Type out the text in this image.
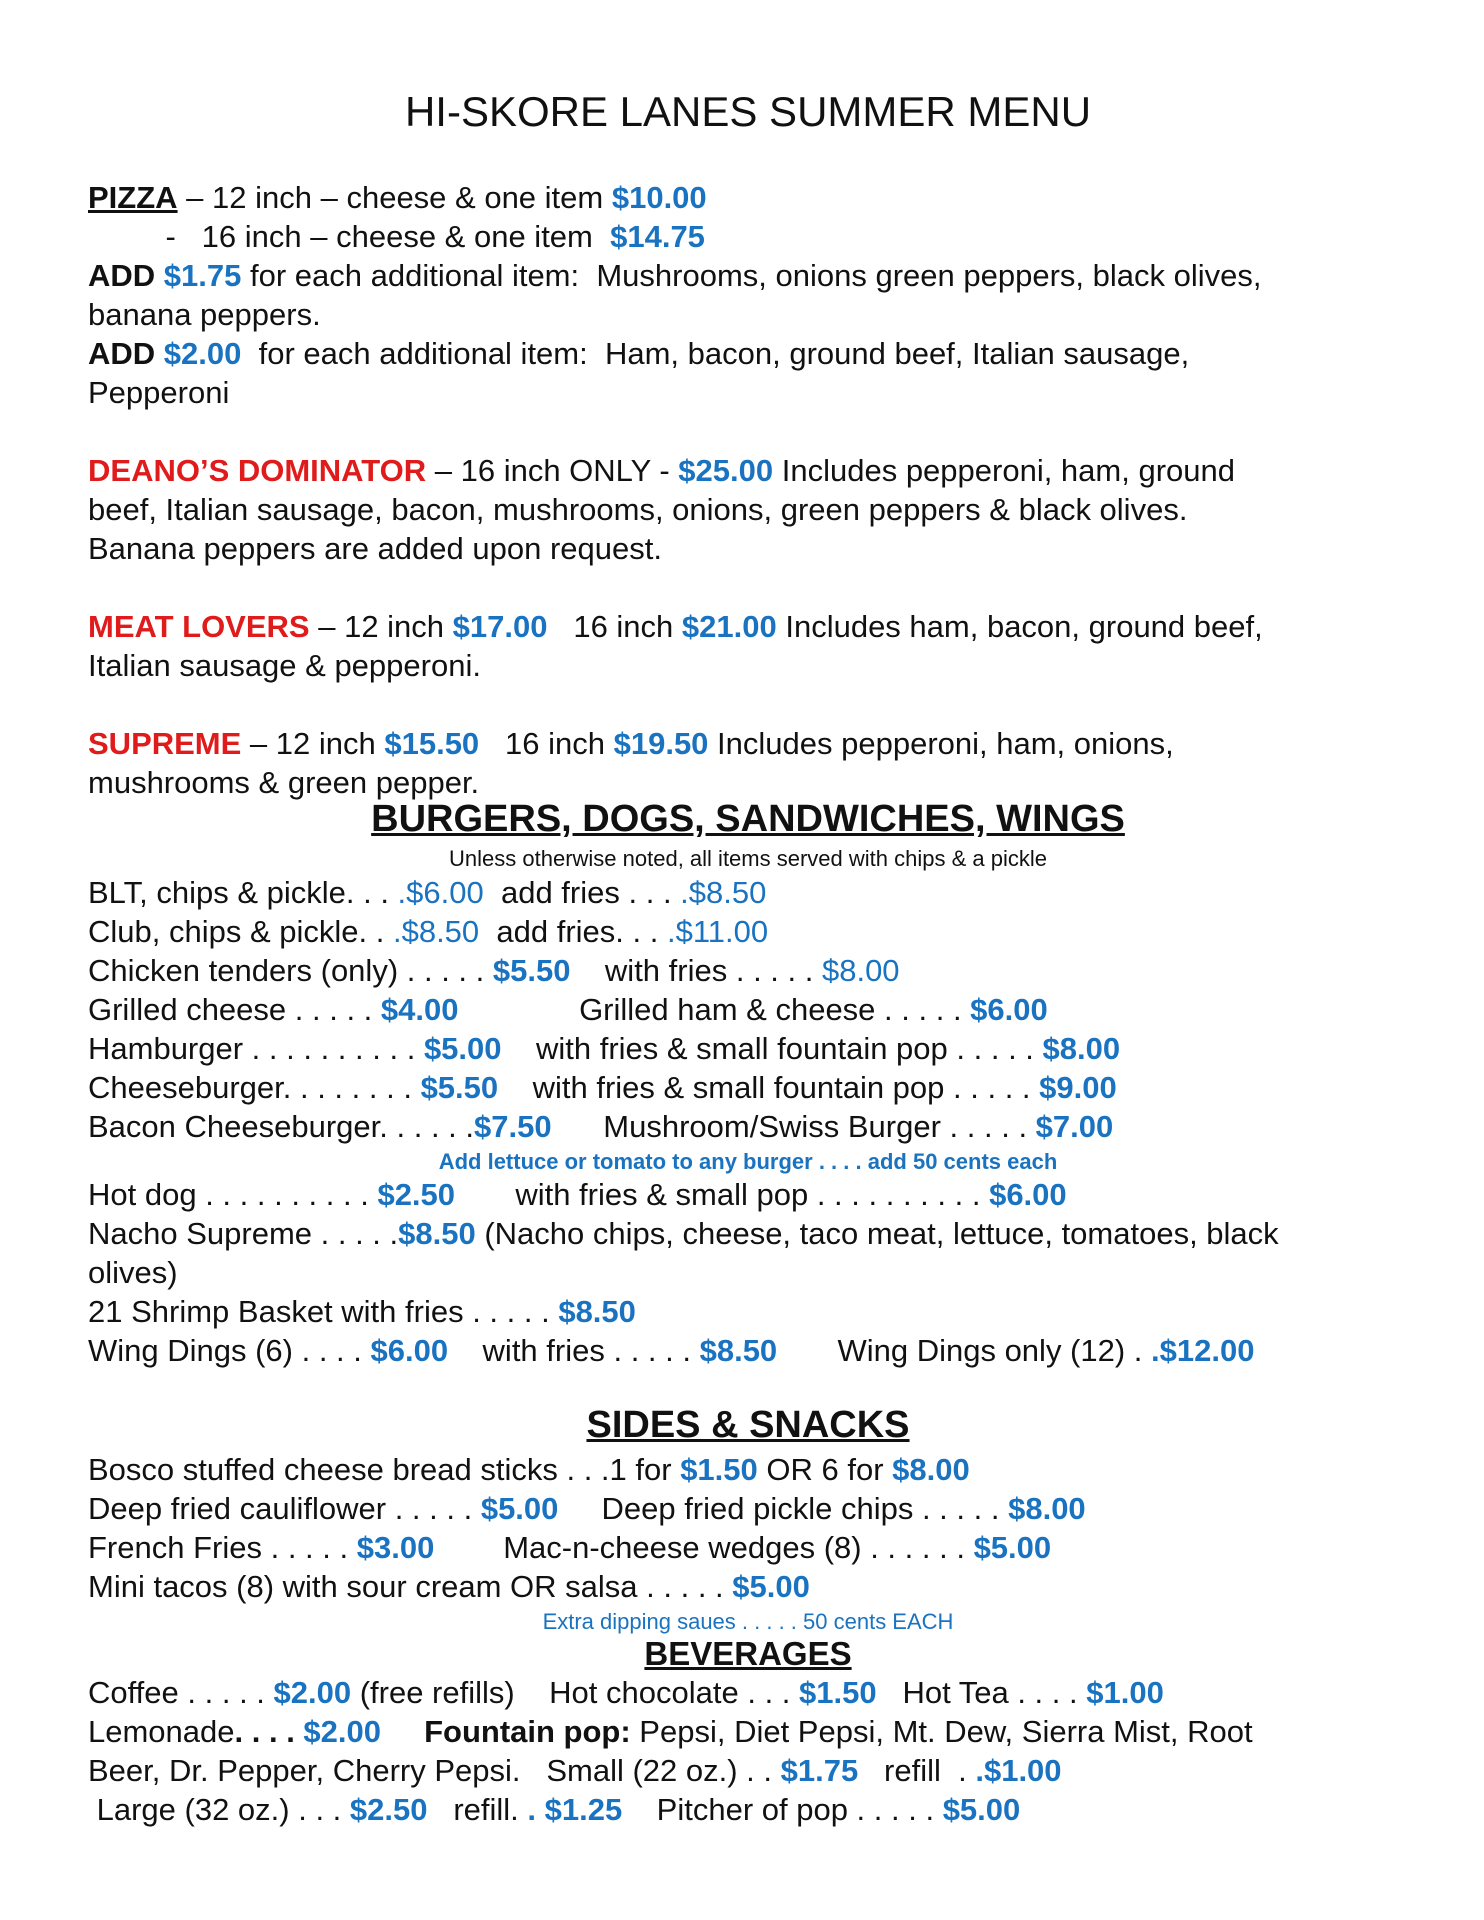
HI-SKORE LANES SUMMER MENU
PIZZA – 12 inch – cheese & one item $10.00
-   16 inch – cheese & one item  $14.75
ADD $1.75 for each additional item:  Mushrooms, onions green peppers, black olives,
banana peppers.
ADD $2.00  for each additional item:  Ham, bacon, ground beef, Italian sausage,
Pepperoni
DEANO’S DOMINATOR – 16 inch ONLY - $25.00 Includes pepperoni, ham, ground
beef, Italian sausage, bacon, mushrooms, onions, green peppers & black olives.
Banana peppers are added upon request.
MEAT LOVERS – 12 inch $17.00   16 inch $21.00 Includes ham, bacon, ground beef,
Italian sausage & pepperoni.
SUPREME – 12 inch $15.50   16 inch $19.50 Includes pepperoni, ham, onions,
mushrooms & green pepper.
BURGERS, DOGS, SANDWICHES, WINGS
Unless otherwise noted, all items served with chips & a pickle
BLT, chips & pickle. . . .$6.00  add fries . . . .$8.50
Club, chips & pickle. . .$8.50  add fries. . . .$11.00
Chicken tenders (only) . . . . . $5.50    with fries . . . . . $8.00
Grilled cheese . . . . . $4.00              Grilled ham & cheese . . . . . $6.00
Hamburger . . . . . . . . . . $5.00    with fries & small fountain pop . . . . . $8.00
Cheeseburger. . . . . . . . $5.50    with fries & small fountain pop . . . . . $9.00
Bacon Cheeseburger. . . . . .$7.50      Mushroom/Swiss Burger . . . . . $7.00
Add lettuce or tomato to any burger . . . . add 50 cents each
Hot dog . . . . . . . . . . $2.50       with fries & small pop . . . . . . . . . . $6.00
Nacho Supreme . . . . .$8.50 (Nacho chips, cheese, taco meat, lettuce, tomatoes, black
olives)
21 Shrimp Basket with fries . . . . . $8.50
Wing Dings (6) . . . . $6.00    with fries . . . . . $8.50       Wing Dings only (12) . .$12.00
SIDES & SNACKS
Bosco stuffed cheese bread sticks . . .1 for $1.50 OR 6 for $8.00
Deep fried cauliflower . . . . . $5.00     Deep fried pickle chips . . . . . $8.00
French Fries . . . . . $3.00        Mac-n-cheese wedges (8) . . . . . . $5.00
Mini tacos (8) with sour cream OR salsa . . . . . $5.00
Extra dipping saues . . . . . 50 cents EACH
BEVERAGES
Coffee . . . . . $2.00 (free refills)    Hot chocolate . . . $1.50   Hot Tea . . . . $1.00
Lemonade. . . . $2.00 Fountain pop: Pepsi, Diet Pepsi, Mt. Dew, Sierra Mist, Root
Beer, Dr. Pepper, Cherry Pepsi.   Small (22 oz.) . . $1.75   refill  . .$1.00
Large (32 oz.) . . . $2.50   refill. . $1.25    Pitcher of pop . . . . . $5.00
